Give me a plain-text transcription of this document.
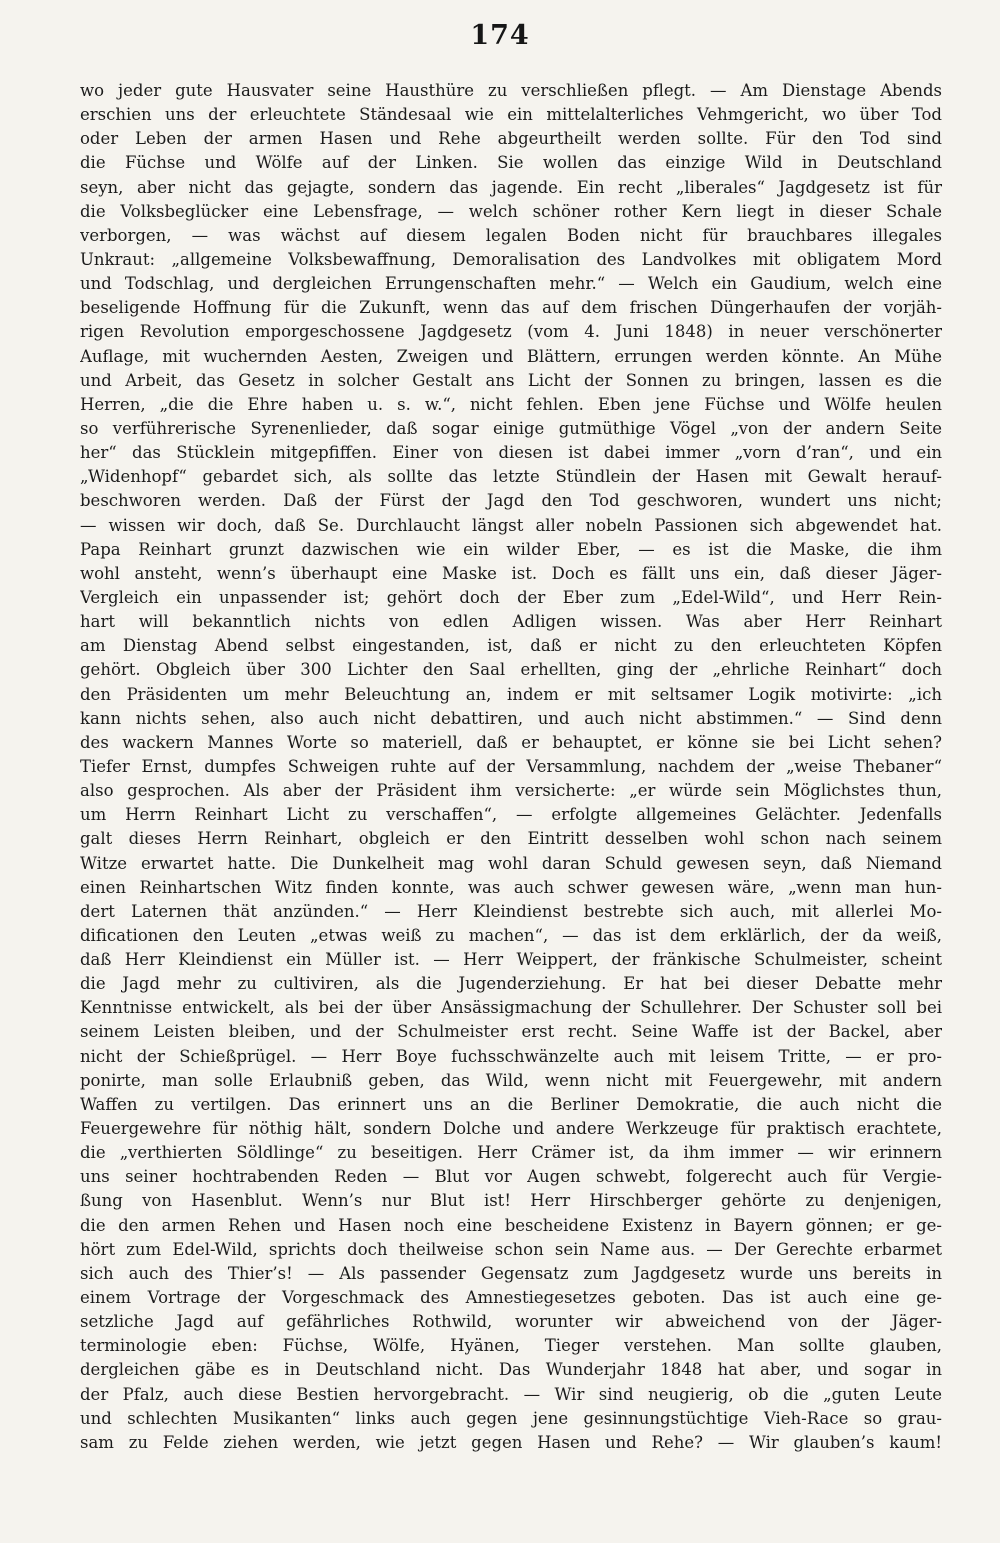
174
wo jeder gute Hausvater seine Hausthüre zu verschließen pflegt. — Am Dienstage Abends
erschien uns der erleuchtete Ständesaal wie ein mittelalterliches Vehmgericht, wo über Tod
oder Leben der armen Hasen und Rehe abgeurtheilt werden sollte. Für den Tod sind
die Füchse und Wölfe auf der Linken. Sie wollen das einzige Wild in Deutschland
seyn, aber nicht das gejagte, sondern das jagende. Ein recht „liberales“ Jagdgesetz ist für
die Volksbeglücker eine Lebensfrage, — welch schöner rother Kern liegt in dieser Schale
verborgen, — was wächst auf diesem legalen Boden nicht für brauchbares illegales
Unkraut: „allgemeine Volksbewaffnung, Demoralisation des Landvolkes mit obligatem Mord
und Todschlag, und dergleichen Errungenschaften mehr.“ — Welch ein Gaudium, welch eine
beseligende Hoffnung für die Zukunft, wenn das auf dem frischen Düngerhaufen der vorjäh-
rigen Revolution emporgeschossene Jagdgesetz (vom 4. Juni 1848) in neuer verschönerter
Auflage, mit wuchernden Aesten, Zweigen und Blättern, errungen werden könnte. An Mühe
und Arbeit, das Gesetz in solcher Gestalt ans Licht der Sonnen zu bringen, lassen es die
Herren, „die die Ehre haben u. s. w.“, nicht fehlen. Eben jene Füchse und Wölfe heulen
so verführerische Syrenenlieder, daß sogar einige gutmüthige Vögel „von der andern Seite
her“ das Stücklein mitgepfiffen. Einer von diesen ist dabei immer „vorn d’ran“, und ein
„Widenhopf“ gebardet sich, als sollte das letzte Stündlein der Hasen mit Gewalt herauf-
beschworen werden. Daß der Fürst der Jagd den Tod geschworen, wundert uns nicht;
— wissen wir doch, daß Se. Durchlaucht längst aller nobeln Passionen sich abgewendet hat.
Papa Reinhart grunzt dazwischen wie ein wilder Eber, — es ist die Maske, die ihm
wohl ansteht, wenn’s überhaupt eine Maske ist. Doch es fällt uns ein, daß dieser Jäger-
Vergleich ein unpassender ist; gehört doch der Eber zum „Edel-Wild“, und Herr Rein-
hart will bekanntlich nichts von edlen Adligen wissen. Was aber Herr Reinhart
am Dienstag Abend selbst eingestanden, ist, daß er nicht zu den erleuchteten Köpfen
gehört. Obgleich über 300 Lichter den Saal erhellten, ging der „ehrliche Reinhart“ doch
den Präsidenten um mehr Beleuchtung an, indem er mit seltsamer Logik motivirte: „ich
kann nichts sehen, also auch nicht debattiren, und auch nicht abstimmen.“ — Sind denn
des wackern Mannes Worte so materiell, daß er behauptet, er könne sie bei Licht sehen?
Tiefer Ernst, dumpfes Schweigen ruhte auf der Versammlung, nachdem der „weise Thebaner“
also gesprochen. Als aber der Präsident ihm versicherte: „er würde sein Möglichstes thun,
um Herrn Reinhart Licht zu verschaffen“, — erfolgte allgemeines Gelächter. Jedenfalls
galt dieses Herrn Reinhart, obgleich er den Eintritt desselben wohl schon nach seinem
Witze erwartet hatte. Die Dunkelheit mag wohl daran Schuld gewesen seyn, daß Niemand
einen Reinhartschen Witz finden konnte, was auch schwer gewesen wäre, „wenn man hun-
dert Laternen thät anzünden.“ — Herr Kleindienst bestrebte sich auch, mit allerlei Mo-
dificationen den Leuten „etwas weiß zu machen“, — das ist dem erklärlich, der da weiß,
daß Herr Kleindienst ein Müller ist. — Herr Weippert, der fränkische Schulmeister, scheint
die Jagd mehr zu cultiviren, als die Jugenderziehung. Er hat bei dieser Debatte mehr
Kenntnisse entwickelt, als bei der über Ansässigmachung der Schullehrer. Der Schuster soll bei
seinem Leisten bleiben, und der Schulmeister erst recht. Seine Waffe ist der Backel, aber
nicht der Schießprügel. — Herr Boye fuchsschwänzelte auch mit leisem Tritte, — er pro-
ponirte, man solle Erlaubniß geben, das Wild, wenn nicht mit Feuergewehr, mit andern
Waffen zu vertilgen. Das erinnert uns an die Berliner Demokratie, die auch nicht die
Feuergewehre für nöthig hält, sondern Dolche und andere Werkzeuge für praktisch erachtete,
die „verthierten Söldlinge“ zu beseitigen. Herr Crämer ist, da ihm immer — wir erinnern
uns seiner hochtrabenden Reden — Blut vor Augen schwebt, folgerecht auch für Vergie-
ßung von Hasenblut. Wenn’s nur Blut ist! Herr Hirschberger gehörte zu denjenigen,
die den armen Rehen und Hasen noch eine bescheidene Existenz in Bayern gönnen; er ge-
hört zum Edel-Wild, sprichts doch theilweise schon sein Name aus. — Der Gerechte erbarmet
sich auch des Thier’s! — Als passender Gegensatz zum Jagdgesetz wurde uns bereits in
einem Vortrage der Vorgeschmack des Amnestiegesetzes geboten. Das ist auch eine ge-
setzliche Jagd auf gefährliches Rothwild, worunter wir abweichend von der Jäger-
terminologie eben: Füchse, Wölfe, Hyänen, Tieger verstehen. Man sollte glauben,
dergleichen gäbe es in Deutschland nicht. Das Wunderjahr 1848 hat aber, und sogar in
der Pfalz, auch diese Bestien hervorgebracht. — Wir sind neugierig, ob die „guten Leute
und schlechten Musikanten“ links auch gegen jene gesinnungstüchtige Vieh-Race so grau-
sam zu Felde ziehen werden, wie jetzt gegen Hasen und Rehe? — Wir glauben’s kaum!
